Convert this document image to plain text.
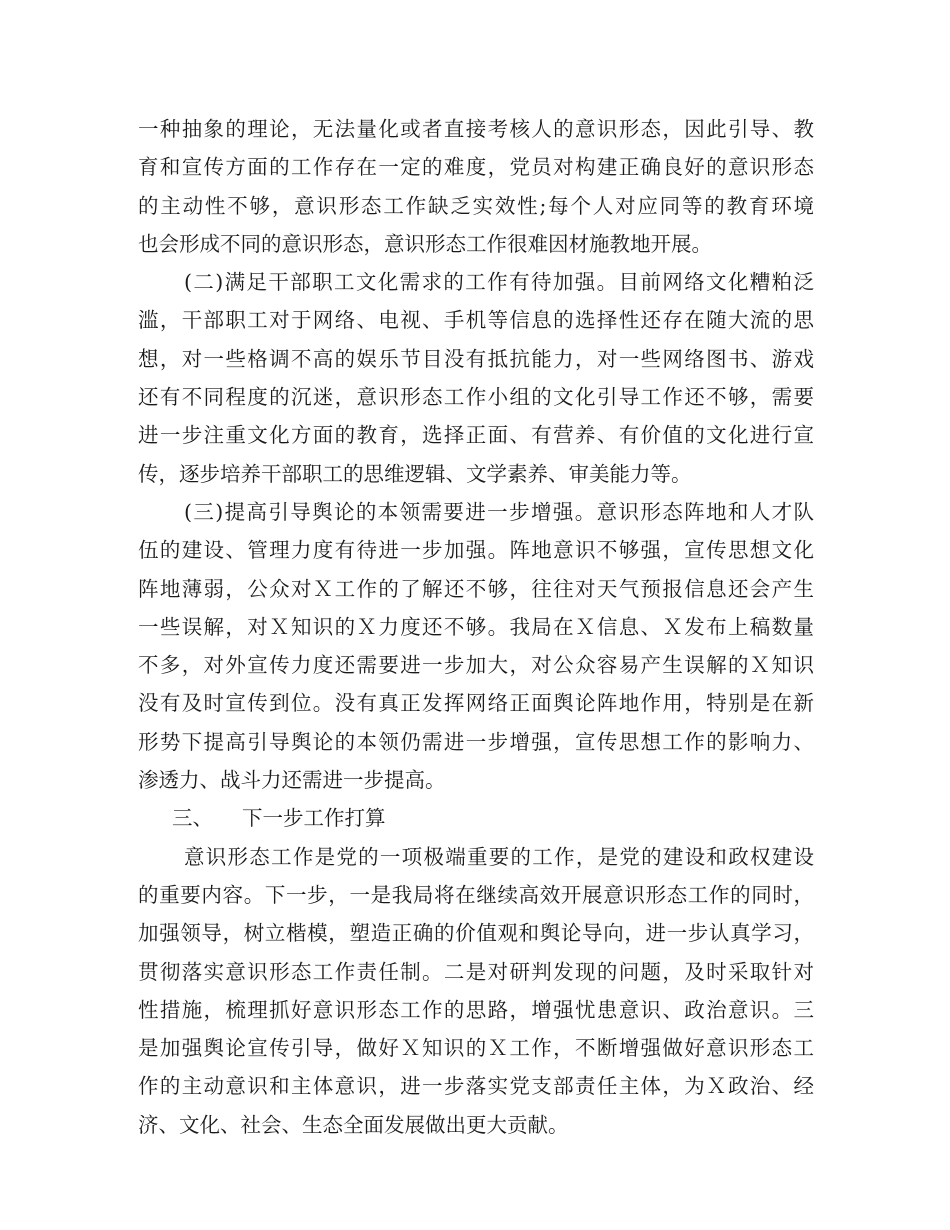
一种抽象的理论，无法量化或者直接考核人的意识形态，因此引导、教
育和宣传方面的工作存在一定的难度，党员对构建正确良好的意识形态
的主动性不够，意识形态工作缺乏实效性;每个人对应同等的教育环境
也会形成不同的意识形态，意识形态工作很难因材施教地开展。
(二)满足干部职工文化需求的工作有待加强。目前网络文化糟粕泛
滥，干部职工对于网络、电视、手机等信息的选择性还存在随大流的思
想，对一些格调不高的娱乐节目没有抵抗能力，对一些网络图书、游戏
还有不同程度的沉迷，意识形态工作小组的文化引导工作还不够，需要
进一步注重文化方面的教育，选择正面、有营养、有价值的文化进行宣
传，逐步培养干部职工的思维逻辑、文学素养、审美能力等。
(三)提高引导舆论的本领需要进一步增强。意识形态阵地和人才队
伍的建设、管理力度有待进一步加强。阵地意识不够强，宣传思想文化
阵地薄弱，公众对Ｘ工作的了解还不够，往往对天气预报信息还会产生
一些误解，对Ｘ知识的Ｘ力度还不够。我局在Ｘ信息、Ｘ发布上稿数量
不多，对外宣传力度还需要进一步加大，对公众容易产生误解的Ｘ知识
没有及时宣传到位。没有真正发挥网络正面舆论阵地作用，特别是在新
形势下提高引导舆论的本领仍需进一步增强，宣传思想工作的影响力、
渗透力、战斗力还需进一步提高。
三、 下一步工作打算
意识形态工作是党的一项极端重要的工作，是党的建设和政权建设
的重要内容。下一步，一是我局将在继续高效开展意识形态工作的同时，
加强领导，树立楷模，塑造正确的价值观和舆论导向，进一步认真学习，
贯彻落实意识形态工作责任制。二是对研判发现的问题，及时采取针对
性措施，梳理抓好意识形态工作的思路，增强忧患意识、政治意识。三
是加强舆论宣传引导，做好Ｘ知识的Ｘ工作，不断增强做好意识形态工
作的主动意识和主体意识，进一步落实党支部责任主体，为Ｘ政治、经
济、文化、社会、生态全面发展做出更大贡献。
